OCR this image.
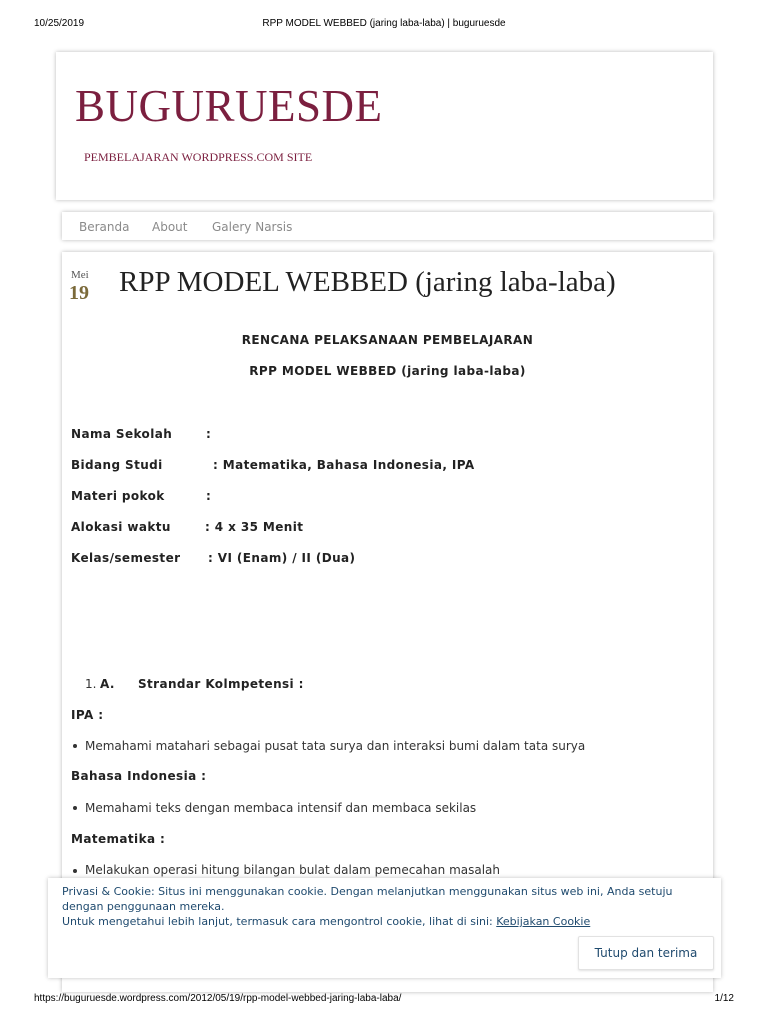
10/25/2019	RPP MODEL WEBBED (jaring laba-laba) | buguruesde
BUGURUESDE
PEMBELAJARAN WORDPRESS.COM SITE
Beranda About Galery Narsis
Mei
19 RPP MODEL WEBBED (jaring laba-laba)
RENCANA PELAKSANAAN PEMBELAJARAN
RPP MODEL WEBBED (jaring laba-laba)
Nama Sekolah	:
Bidang Studi	: Matematika, Bahasa Indonesia, IPA
Materi pokok	:
Alokasi waktu	: 4 x 35 Menit
Kelas/semester : VI (Enam) / II (Dua)
1. A. Strandar Kolmpetensi :
IPA :
Memahami matahari sebagai pusat tata surya dan interaksi bumi dalam tata surya
Bahasa Indonesia :
Memahami teks dengan membaca intensif dan membaca sekilas
Matematika :
Melakukan operasi hitung bilangan bulat dalam pemecahan masalah
Privasi & Cookie: Situs ini menggunakan cookie. Dengan melanjutkan menggunakan situs web ini, Anda setuju
dengan penggunaan mereka.
Untuk mengetahui lebih lanjut, termasuk cara mengontrol cookie, lihat di sini: Kebijakan Cookie
Tutup dan terima
https://buguruesde.wordpress.com/2012/05/19/rpp-model-webbed-jaring-laba-laba/	1/12
